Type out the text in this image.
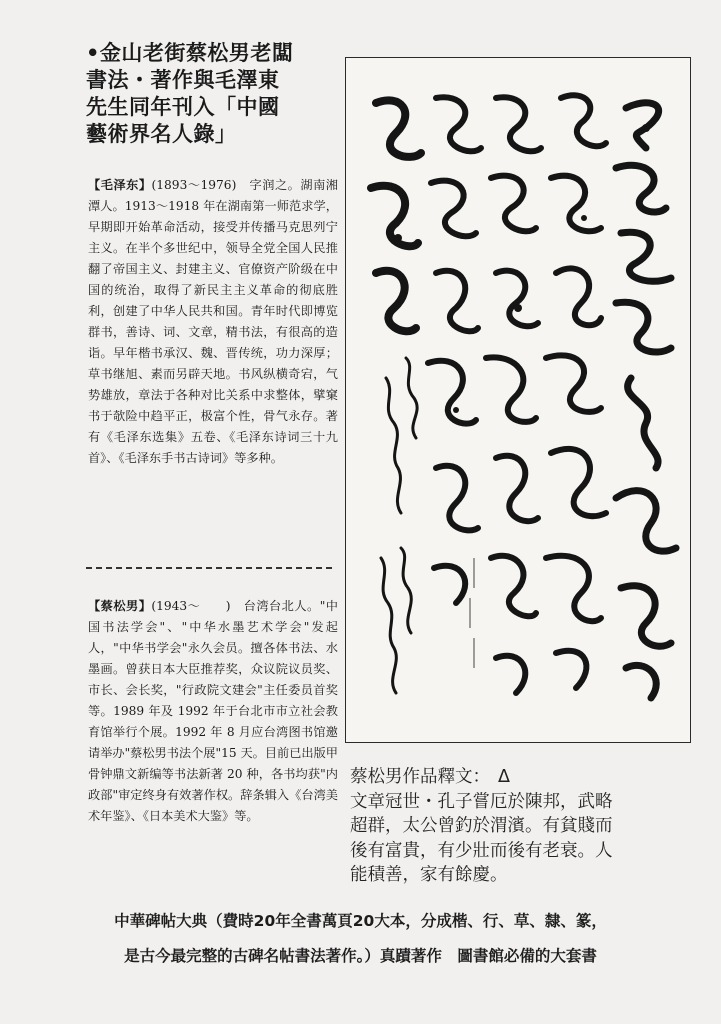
•金山老街蔡松男老闆
書法・著作與毛澤東
先生同年刊入「中國
藝術界名人錄」
【毛泽东】(1893～1976)　字润之。湖南湘潭人。1913～1918 年在湖南第一师范求学，早期即开始革命活动，接受并传播马克思列宁主义。在半个多世纪中，领导全党全国人民推翻了帝国主义、封建主义、官僚资产阶级在中国的统治，取得了新民主主义革命的彻底胜利，创建了中华人民共和国。青年时代即博览群书，善诗、词、文章，精书法，有很高的造诣。早年楷书承汉、魏、晋传统，功力深厚；草书继旭、素而另辟天地。书风纵横奇宕，气势雄放，章法于各种对比关系中求整体，擘窠书于欹险中趋平正，极富个性，骨气永存。著有《毛泽东选集》五卷、《毛泽东诗词三十九首》、《毛泽东手书古诗词》等多种。
【蔡松男】(1943～　　)　台湾台北人。"中国书法学会"、"中华水墨艺术学会"发起人，"中华书学会"永久会员。擅各体书法、水墨画。曾获日本大臣推荐奖，众议院议员奖、市长、会长奖，"行政院文建会"主任委员首奖等。1989 年及 1992 年于台北市市立社会教育馆举行个展。1992 年 8 月应台湾图书馆邀请举办"蔡松男书法个展"15 天。目前已出版甲骨钟鼎文新编等书法新著 20 种，各书均获"内政部"审定终身有效著作权。辞条辑入《台湾美术年鉴》、《日本美术大鉴》等。
蔡松男作品釋文： Δ
文章冠世・孔子嘗厄於陳邦，武略
超群，太公曾釣於渭濱。有貧賤而
後有富貴，有少壯而後有老衰。人
能積善，家有餘慶。
中華碑帖大典（費時20年全書萬頁20大本，分成楷、行、草、隸、篆，
是古今最完整的古碑名帖書法著作。）真蹟著作　圖書館必備的大套書
